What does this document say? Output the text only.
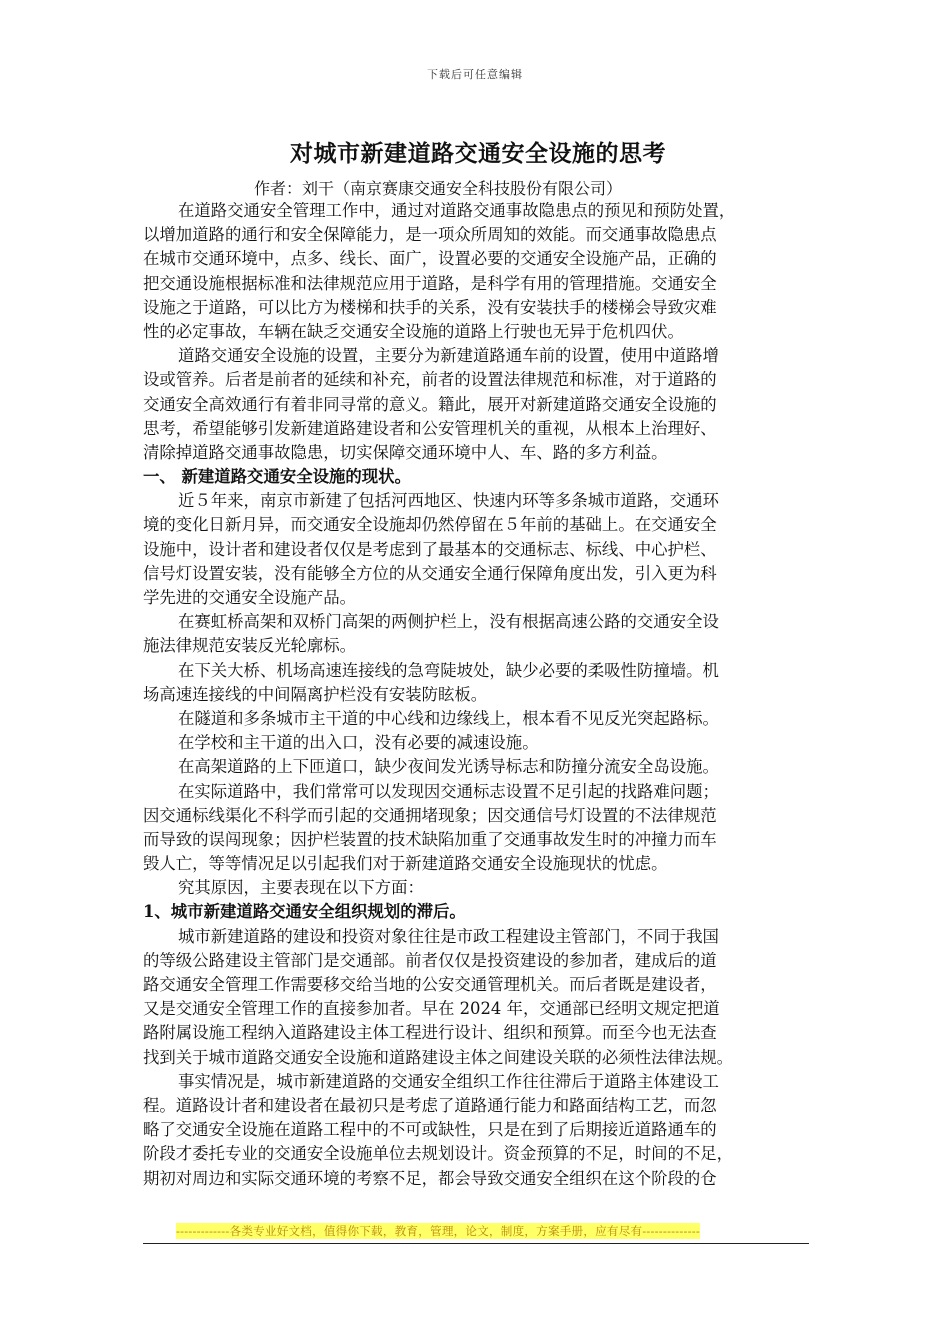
下载后可任意编辑
对城市新建道路交通安全设施的思考
作者：刘干（南京赛康交通安全科技股份有限公司）
在道路交通安全管理工作中，通过对道路交通事故隐患点的预见和预防处置，
以增加道路的通行和安全保障能力，是一项众所周知的效能。而交通事故隐患点
在城市交通环境中，点多、线长、面广，设置必要的交通安全设施产品，正确的
把交通设施根据标准和法律规范应用于道路，是科学有用的管理措施。交通安全
设施之于道路，可以比方为楼梯和扶手的关系，没有安装扶手的楼梯会导致灾难
性的必定事故，车辆在缺乏交通安全设施的道路上行驶也无异于危机四伏。
道路交通安全设施的设置，主要分为新建道路通车前的设置，使用中道路增
设或管养。后者是前者的延续和补充，前者的设置法律规范和标准，对于道路的
交通安全高效通行有着非同寻常的意义。籍此，展开对新建道路交通安全设施的
思考，希望能够引发新建道路建设者和公安管理机关的重视，从根本上治理好、
清除掉道路交通事故隐患，切实保障交通环境中人、车、路的多方利益。
一、 新建道路交通安全设施的现状。
近５年来，南京市新建了包括河西地区、快速内环等多条城市道路，交通环
境的变化日新月异，而交通安全设施却仍然停留在５年前的基础上。在交通安全
设施中，设计者和建设者仅仅是考虑到了最基本的交通标志、标线、中心护栏、
信号灯设置安装，没有能够全方位的从交通安全通行保障角度出发，引入更为科
学先进的交通安全设施产品。
在赛虹桥高架和双桥门高架的两侧护栏上，没有根据高速公路的交通安全设
施法律规范安装反光轮廓标。
在下关大桥、机场高速连接线的急弯陡坡处，缺少必要的柔吸性防撞墙。机
场高速连接线的中间隔离护栏没有安装防眩板。
在隧道和多条城市主干道的中心线和边缘线上，根本看不见反光突起路标。
在学校和主干道的出入口，没有必要的减速设施。
在高架道路的上下匝道口，缺少夜间发光诱导标志和防撞分流安全岛设施。
在实际道路中，我们常常可以发现因交通标志设置不足引起的找路难问题；
因交通标线渠化不科学而引起的交通拥堵现象；因交通信号灯设置的不法律规范
而导致的误闯现象；因护栏装置的技术缺陷加重了交通事故发生时的冲撞力而车
毁人亡，等等情况足以引起我们对于新建道路交通安全设施现状的忧虑。
究其原因，主要表现在以下方面：
1、城市新建道路交通安全组织规划的滞后。
城市新建道路的建设和投资对象往往是市政工程建设主管部门，不同于我国
的等级公路建设主管部门是交通部。前者仅仅是投资建设的参加者，建成后的道
路交通安全管理工作需要移交给当地的公安交通管理机关。而后者既是建设者，
又是交通安全管理工作的直接参加者。早在 2024 年，交通部已经明文规定把道
路附属设施工程纳入道路建设主体工程进行设计、组织和预算。而至今也无法查
找到关于城市道路交通安全设施和道路建设主体之间建设关联的必须性法律法规。
事实情况是，城市新建道路的交通安全组织工作往往滞后于道路主体建设工
程。道路设计者和建设者在最初只是考虑了道路通行能力和路面结构工艺，而忽
略了交通安全设施在道路工程中的不可或缺性，只是在到了后期接近道路通车的
阶段才委托专业的交通安全设施单位去规划设计。资金预算的不足，时间的不足，
期初对周边和实际交通环境的考察不足，都会导致交通安全组织在这个阶段的仓
-------------各类专业好文档，值得你下载，教育，管理，论文，制度，方案手册，应有尽有--------------
